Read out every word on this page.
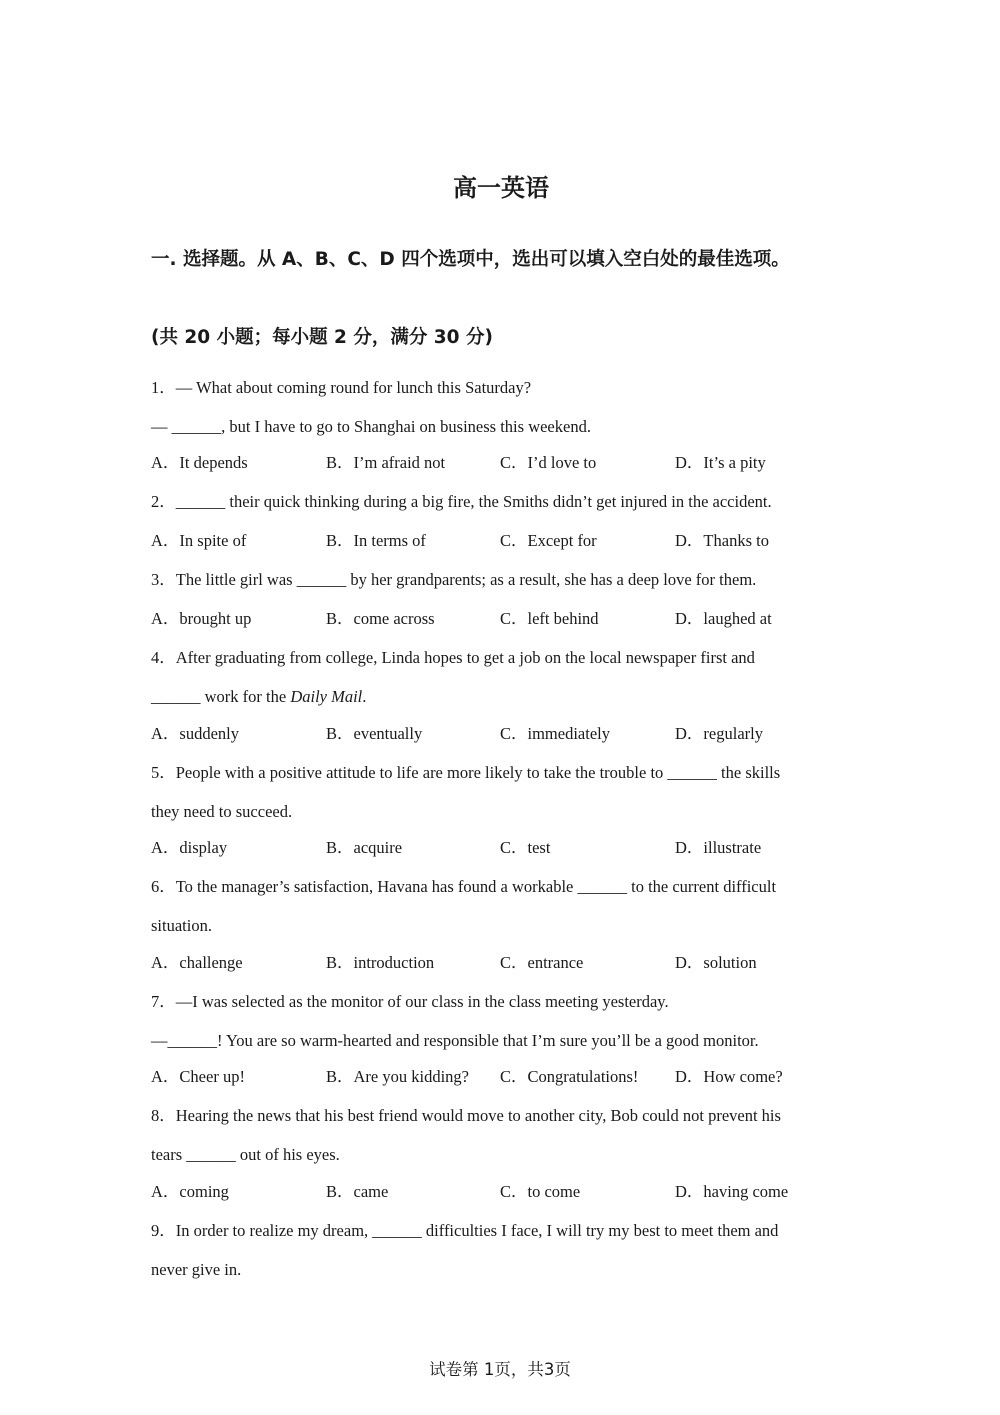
高一英语
一. 选择题。从 A、B、C、D 四个选项中，选出可以填入空白处的最佳选项。
(共 20 小题；每小题 2 分，满分 30 分)
1．— What about coming round for lunch this Saturday?
— ______, but I have to go to Shanghai on business this weekend.
A．It depends	B．I’m afraid not	C．I’d love to	D．It’s a pity
2．______ their quick thinking during a big fire, the Smiths didn’t get injured in the accident.
A．In spite of	B．In terms of	C．Except for	D．Thanks to
3．The little girl was ______ by her grandparents; as a result, she has a deep love for them.
A．brought up	B．come across	C．left behind	D．laughed at
4．After graduating from college, Linda hopes to get a job on the local newspaper first and
______ work for the Daily Mail.
A．suddenly	B．eventually	C．immediately	D．regularly
5．People with a positive attitude to life are more likely to take the trouble to ______ the skills
they need to succeed.
A．display	B．acquire	C．test	D．illustrate
6．To the manager’s satisfaction, Havana has found a workable ______ to the current difficult
situation.
A．challenge	B．introduction	C．entrance	D．solution
7．—I was selected as the monitor of our class in the class meeting yesterday.
—______! You are so warm-hearted and responsible that I’m sure you’ll be a good monitor.
A．Cheer up!	B．Are you kidding? C．Congratulations! D．How come?
8．Hearing the news that his best friend would move to another city, Bob could not prevent his
tears ______ out of his eyes.
A．coming	B．came	C．to come	D．having come
9．In order to realize my dream, ______ difficulties I face, I will try my best to meet them and
never give in.
试卷第 1页，共3页
